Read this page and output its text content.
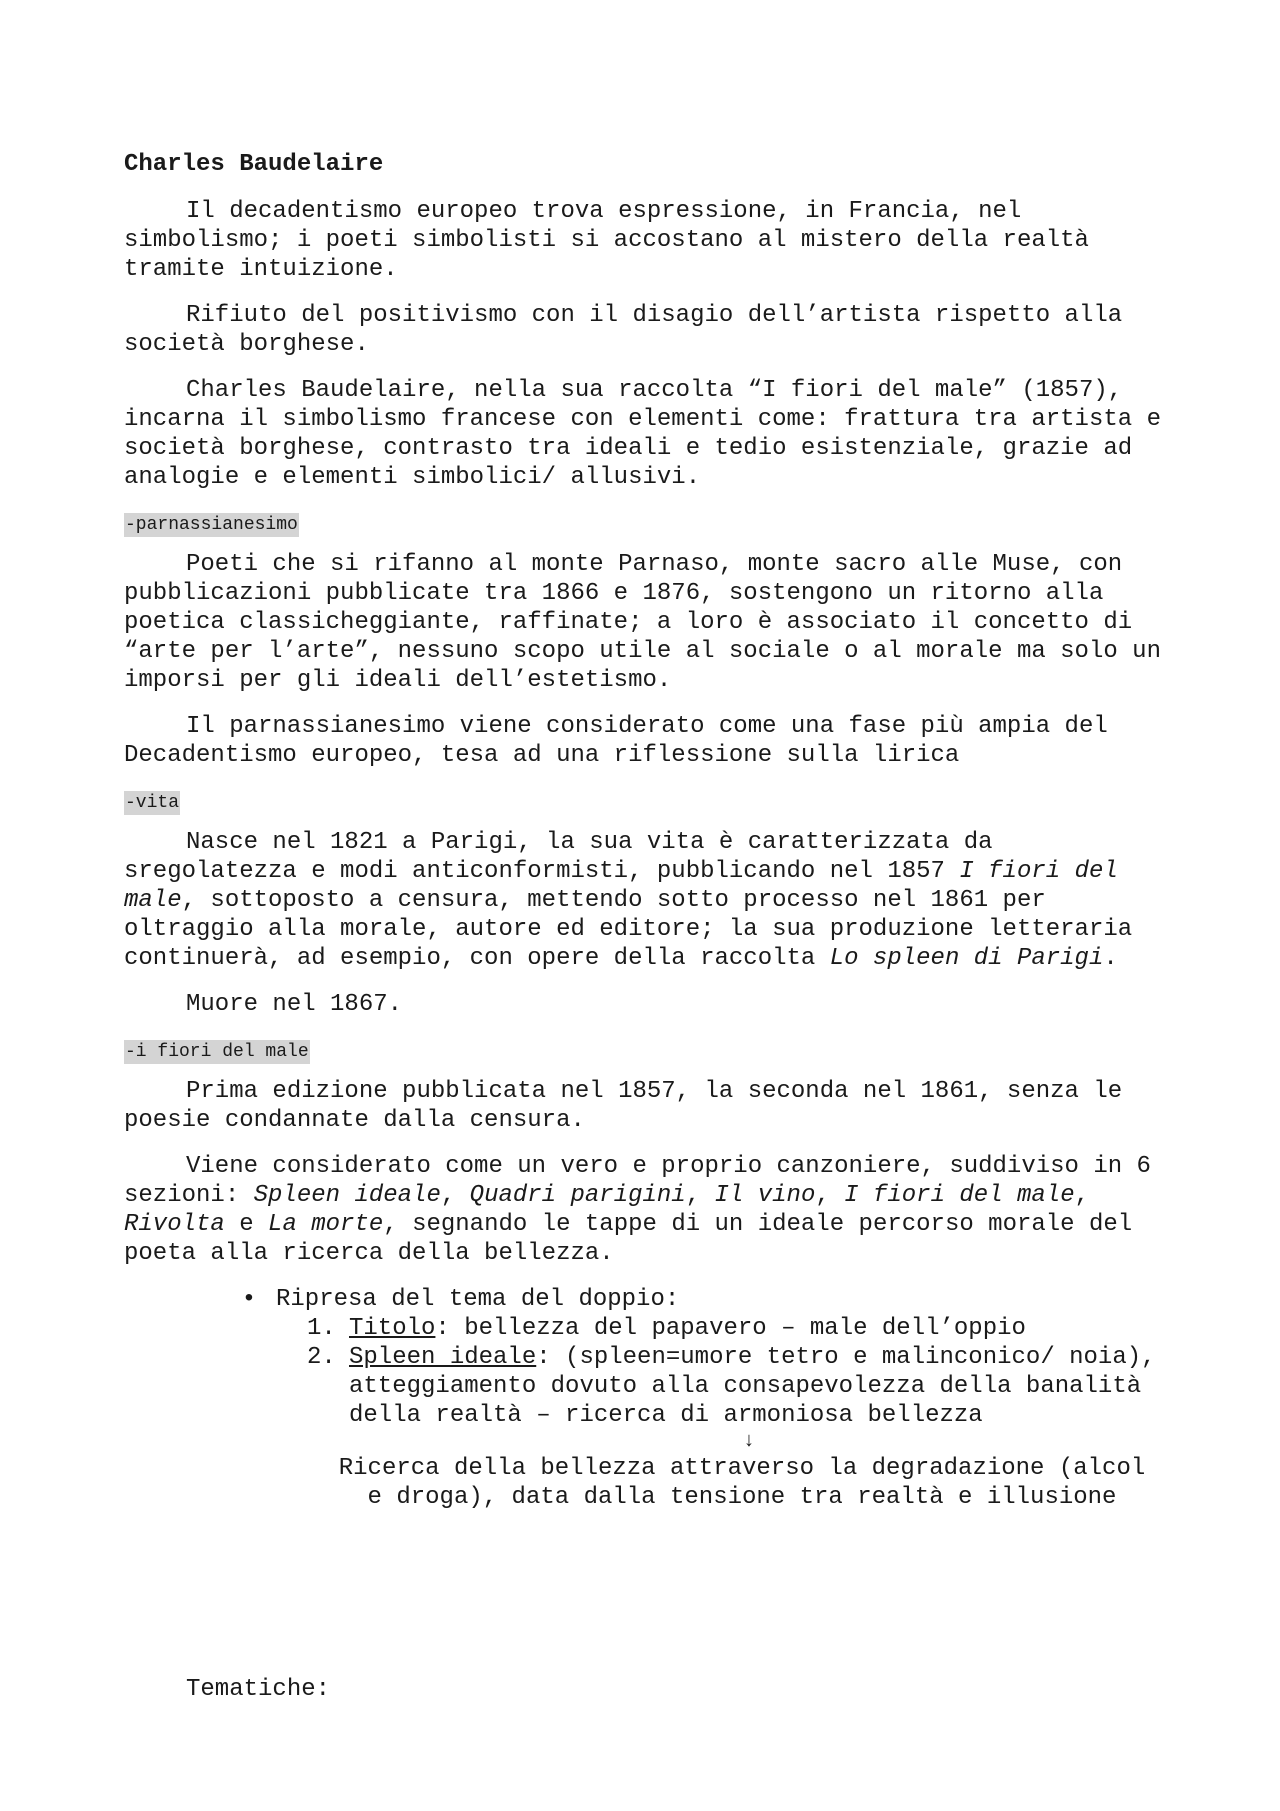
Charles Baudelaire

Il decadentismo europeo trova espressione, in Francia, nel simbolismo; i poeti simbolisti si accostano al mistero della realtà tramite intuizione.

Rifiuto del positivismo con il disagio dell’artista rispetto alla società borghese.

Charles Baudelaire, nella sua raccolta “I fiori del male” (1857), incarna il simbolismo francese con elementi come: frattura tra artista e società borghese, contrasto tra ideali e tedio esistenziale, grazie ad analogie e elementi simbolici/ allusivi.

-parnassianesimo

Poeti che si rifanno al monte Parnaso, monte sacro alle Muse, con pubblicazioni pubblicate tra 1866 e 1876, sostengono un ritorno alla poetica classicheggiante, raffinate; a loro è associato il concetto di “arte per l’arte”, nessuno scopo utile al sociale o al morale ma solo un imporsi per gli ideali dell’estetismo.

Il parnassianesimo viene considerato come una fase più ampia del Decadentismo europeo, tesa ad una riflessione sulla lirica

-vita

Nasce nel 1821 a Parigi, la sua vita è caratterizzata da sregolatezza e modi anticonformisti, pubblicando nel 1857 I fiori del male, sottoposto a censura, mettendo sotto processo nel 1861 per oltraggio alla morale, autore ed editore; la sua produzione letteraria continuerà, ad esempio, con opere della raccolta Lo spleen di Parigi.

Muore nel 1867.

-i fiori del male

Prima edizione pubblicata nel 1857, la seconda nel 1861, senza le poesie condannate dalla censura.

Viene considerato come un vero e proprio canzoniere, suddiviso in 6 sezioni: Spleen ideale, Quadri parigini, Il vino, I fiori del male, Rivolta e La morte, segnando le tappe di un ideale percorso morale del poeta alla ricerca della bellezza.

• Ripresa del tema del doppio:
1. Titolo: bellezza del papavero – male dell’oppio
2. Spleen ideale: (spleen=umore tetro e malinconico/ noia), atteggiamento dovuto alla consapevolezza della banalità della realtà – ricerca di armoniosa bellezza
↓
Ricerca della bellezza attraverso la degradazione (alcol e droga), data dalla tensione tra realtà e illusione
Tematiche:
